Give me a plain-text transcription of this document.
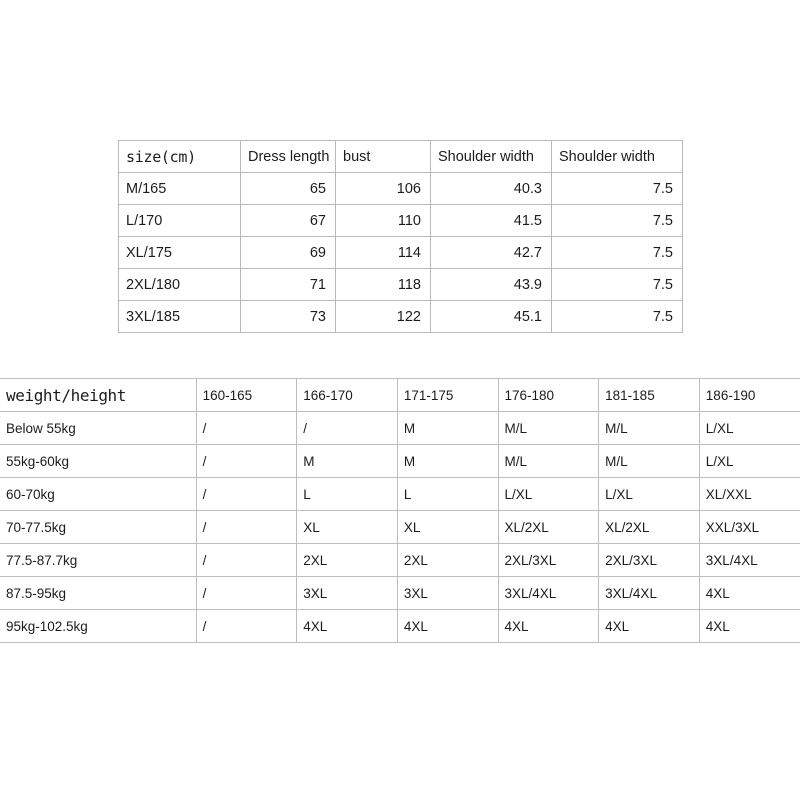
size(cm)	Dress length	bust	Shoulder width	Shoulder width
M/165	65	106	40.3	7.5
L/170	67	110	41.5	7.5
XL/175	69	114	42.7	7.5
2XL/180	71	118	43.9	7.5
3XL/185	73	122	45.1	7.5
weight/height	160-165	166-170	171-175	176-180	181-185	186-190
Below 55kg	/	/	M	M/L	M/L	L/XL
55kg-60kg	/	M	M	M/L	M/L	L/XL
60-70kg	/	L	L	L/XL	L/XL	XL/XXL
70-77.5kg	/	XL	XL	XL/2XL	XL/2XL	XXL/3XL
77.5-87.7kg	/	2XL	2XL	2XL/3XL	2XL/3XL	3XL/4XL
87.5-95kg	/	3XL	3XL	3XL/4XL	3XL/4XL	4XL
95kg-102.5kg	/	4XL	4XL	4XL	4XL	4XL
